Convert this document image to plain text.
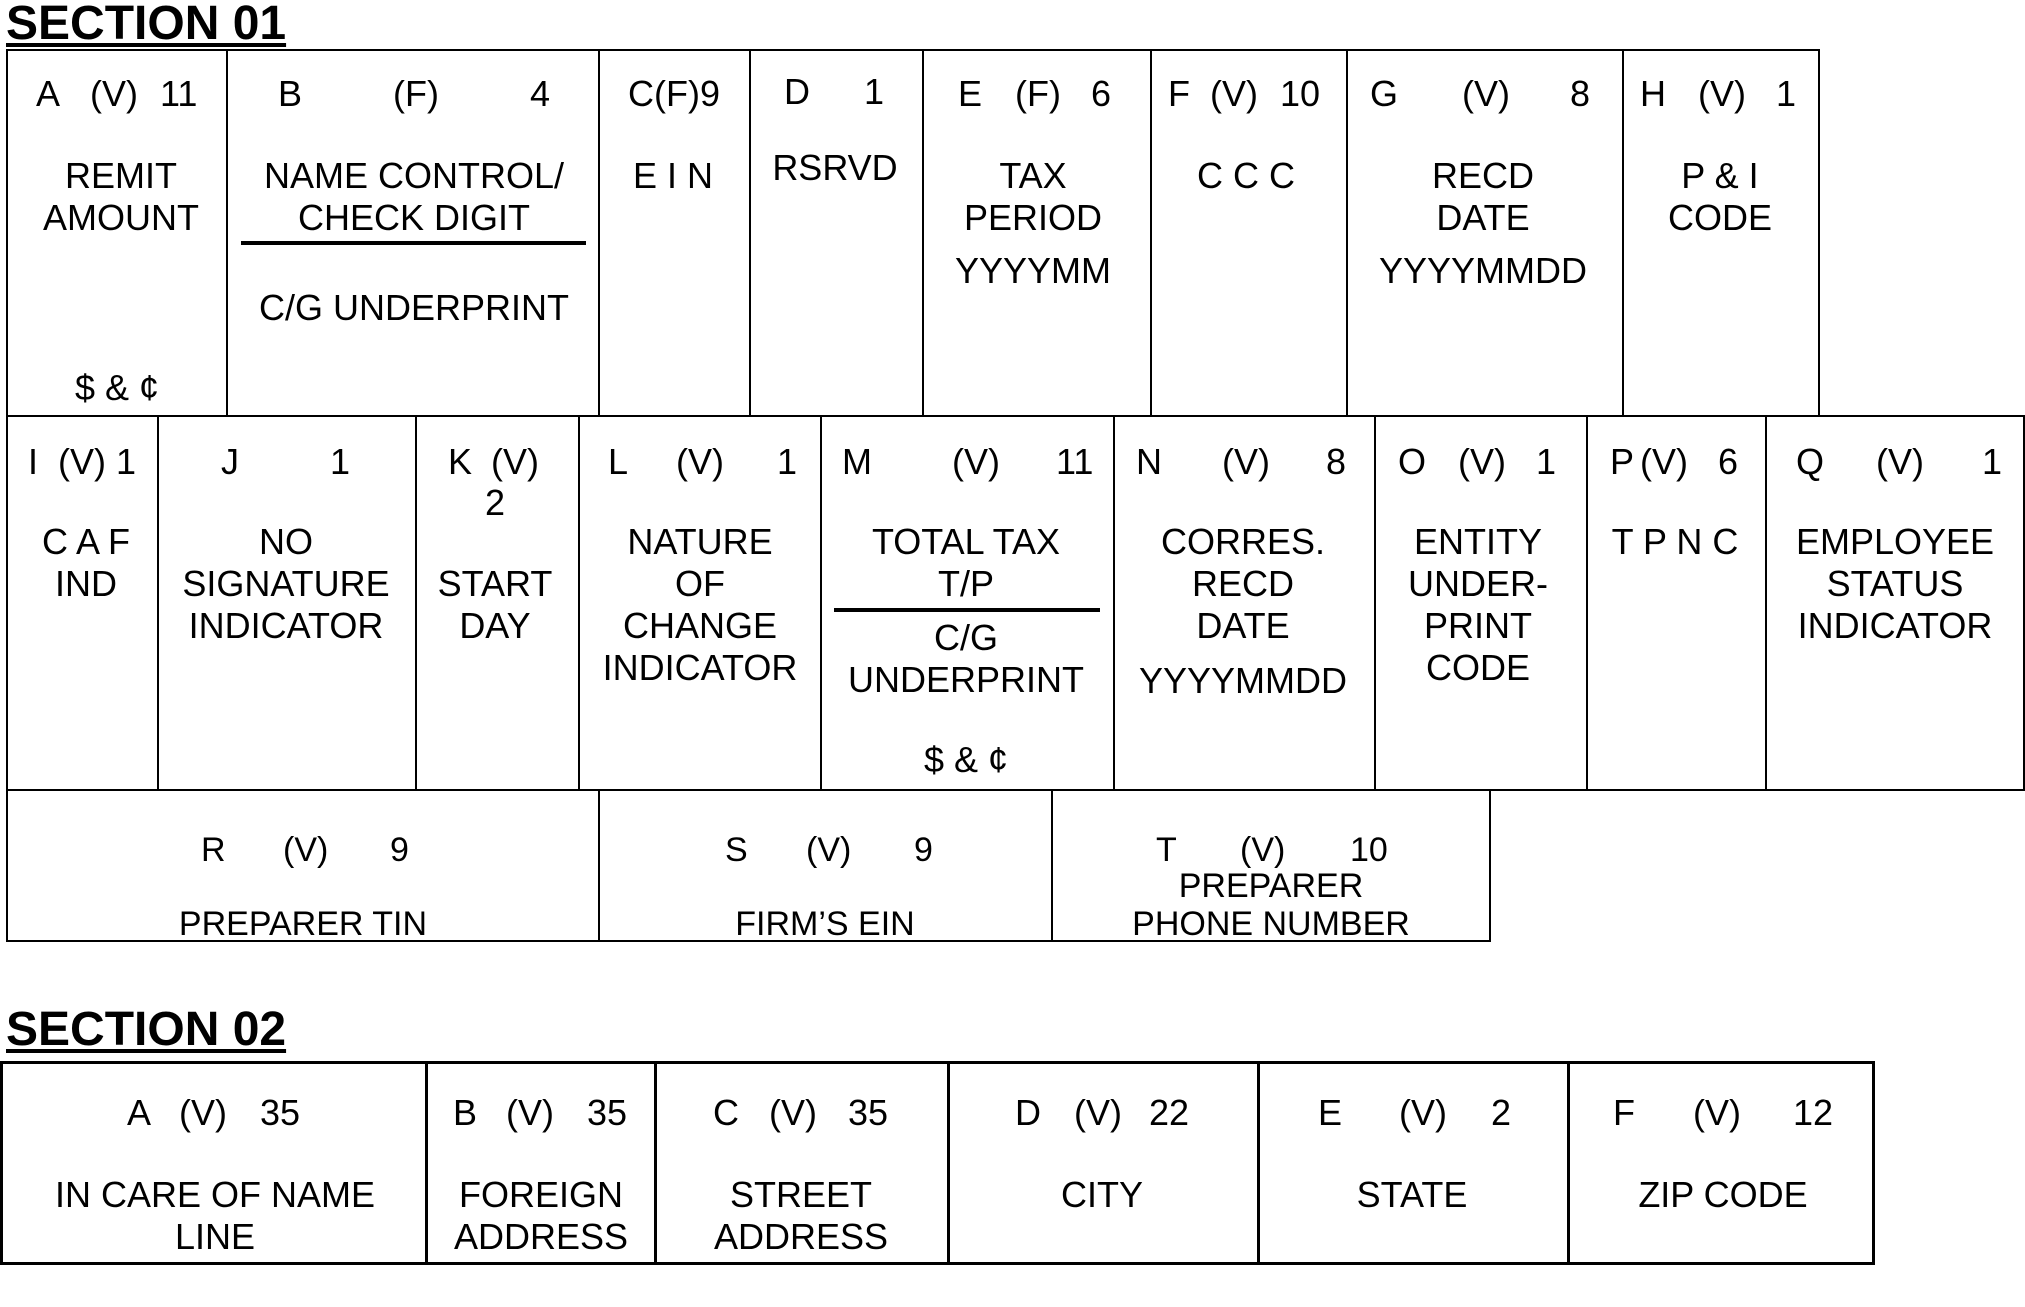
SECTION 01
A (V) 11
REMIT
AMOUNT
$ & ¢
B	(F)	4
NAME CONTROL/
CHECK DIGIT
C/G UNDERPRINT
C(F)9
E I N
D 1
RSRVD
E (F) 6
TAX
PERIOD
YYYYMM
F (V) 10
C C C
G (V) 8
RECD
DATE
YYYYMMDD
H (V) 1
P & I
CODE
I (V) 1
C A F
IND
J	1
NO
SIGNATURE
INDICATOR
K (V)
2
START
DAY
L (V) 1
NATURE
OF
CHANGE
INDICATOR
M (V) 11
TOTAL TAX
T/P
C/G
UNDERPRINT
$ & ¢
N (V) 8
CORRES.
RECD
DATE
YYYYMMDD
O (V) 1
ENTITY
UNDER-
PRINT
CODE
P (V) 6
T P N C
Q (V) 1
EMPLOYEE
STATUS
INDICATOR
R (V) 9
PREPARER TIN
S (V) 9
FIRM’S EIN
T (V) 10
PREPARER
PHONE NUMBER
SECTION 02
A (V) 35
IN CARE OF NAME
LINE
B (V) 35
FOREIGN
ADDRESS
C (V) 35
STREET
ADDRESS
D (V) 22
CITY
E (V) 2
STATE
F (V) 12
ZIP CODE
